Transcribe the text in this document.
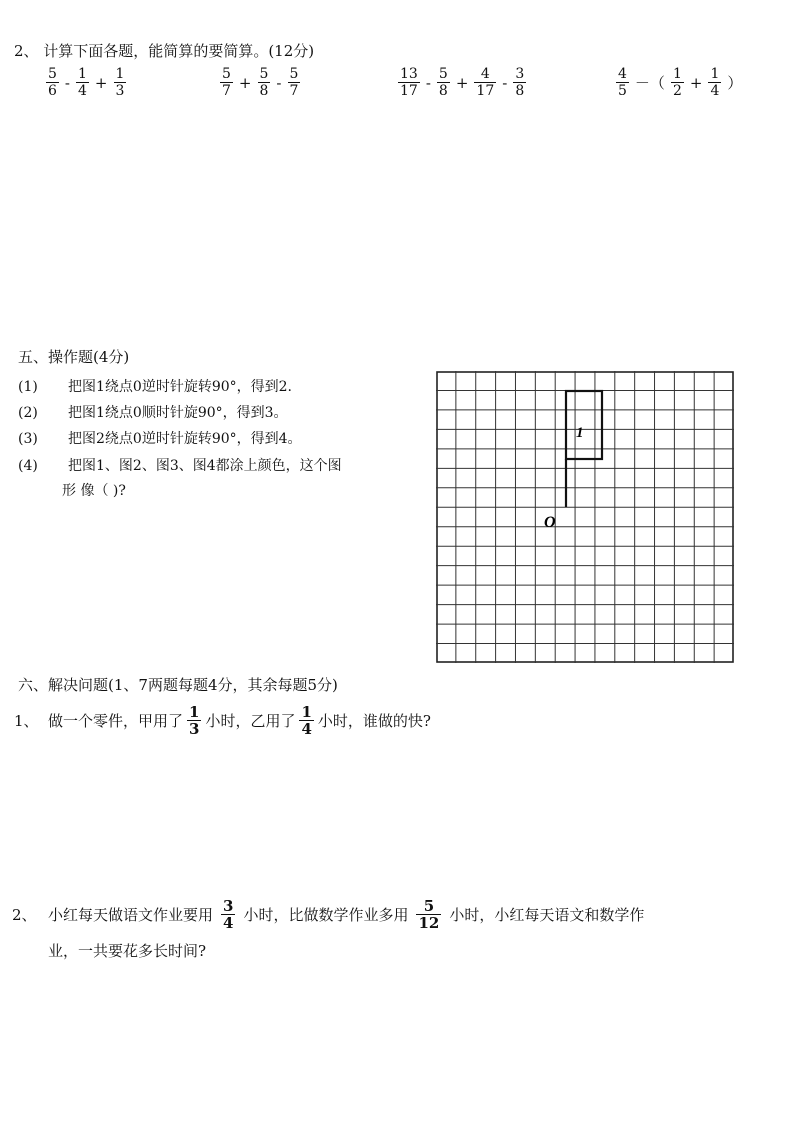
2、 计算下面各题，能简算的要简算。(12分)
$\frac{5}{6} - \frac{1}{4} + \frac{1}{3}$	$\frac{5}{7} + \frac{5}{8} - \frac{5}{7}$	$\frac{13}{17} - \frac{5}{8} + \frac{4}{17} - \frac{3}{8}$	$\frac{4}{5}$ －（ $\frac{1}{2} + \frac{1}{4}$ ）
五、操作题(4分)
(1) 把图1绕点0逆时针旋转90°，得到2.
(2) 把图1绕点0顺时针旋90°，得到3。
(3) 把图2绕点0逆时针旋转90°，得到4。
(4) 把图1、图2、图3、图4都涂上颜色，这个图
形 像（ )?
1
O
六、解决问题(1、7两题每题4分，其余每题5分)
1、 做一个零件，甲用了 $\frac{1}{3}$ 小时，乙用了 $\frac{1}{4}$ 小时，谁做的快?
2、 小红每天做语文作业要用 $\frac{3}{4}$ 小时，比做数学作业多用 $\frac{5}{12}$ 小时，小红每天语文和数学作
业，一共要花多长时间?
